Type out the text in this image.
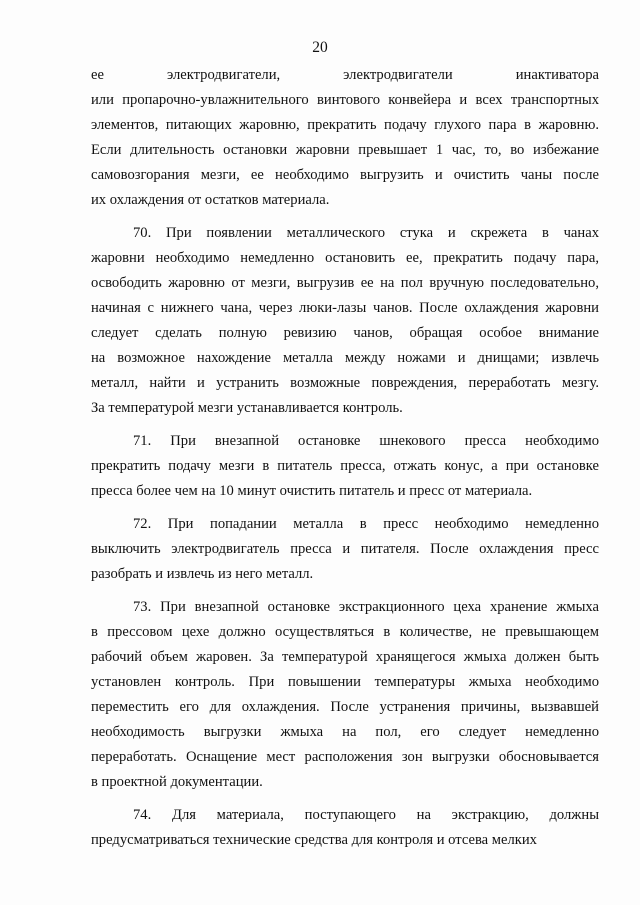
20
ее электродвигатели, электродвигатели инактиватора
или пропарочно-увлажнительного винтового конвейера и всех транспортных
элементов, питающих жаровню, прекратить подачу глухого пара в жаровню.
Если длительность остановки жаровни превышает 1 час, то, во избежание
самовозгорания мезги, ее необходимо выгрузить и очистить чаны после
их охлаждения от остатков материала.
70. При появлении металлического стука и скрежета в чанах
жаровни необходимо немедленно остановить ее, прекратить подачу пара,
освободить жаровню от мезги, выгрузив ее на пол вручную последовательно,
начиная с нижнего чана, через люки-лазы чанов. После охлаждения жаровни
следует сделать полную ревизию чанов, обращая особое внимание
на возможное нахождение металла между ножами и днищами; извлечь
металл, найти и устранить возможные повреждения, переработать мезгу.
За температурой мезги устанавливается контроль.
71. При внезапной остановке шнекового пресса необходимо
прекратить подачу мезги в питатель пресса, отжать конус, а при остановке
пресса более чем на 10 минут очистить питатель и пресс от материала.
72. При попадании металла в пресс необходимо немедленно
выключить электродвигатель пресса и питателя. После охлаждения пресс
разобрать и извлечь из него металл.
73. При внезапной остановке экстракционного цеха хранение жмыха
в прессовом цехе должно осуществляться в количестве, не превышающем
рабочий объем жаровен. За температурой хранящегося жмыха должен быть
установлен контроль. При повышении температуры жмыха необходимо
переместить его для охлаждения. После устранения причины, вызвавшей
необходимость выгрузки жмыха на пол, его следует немедленно
переработать. Оснащение мест расположения зон выгрузки обосновывается
в проектной документации.
74. Для материала, поступающего на экстракцию, должны
предусматриваться технические средства для контроля и отсева мелких
